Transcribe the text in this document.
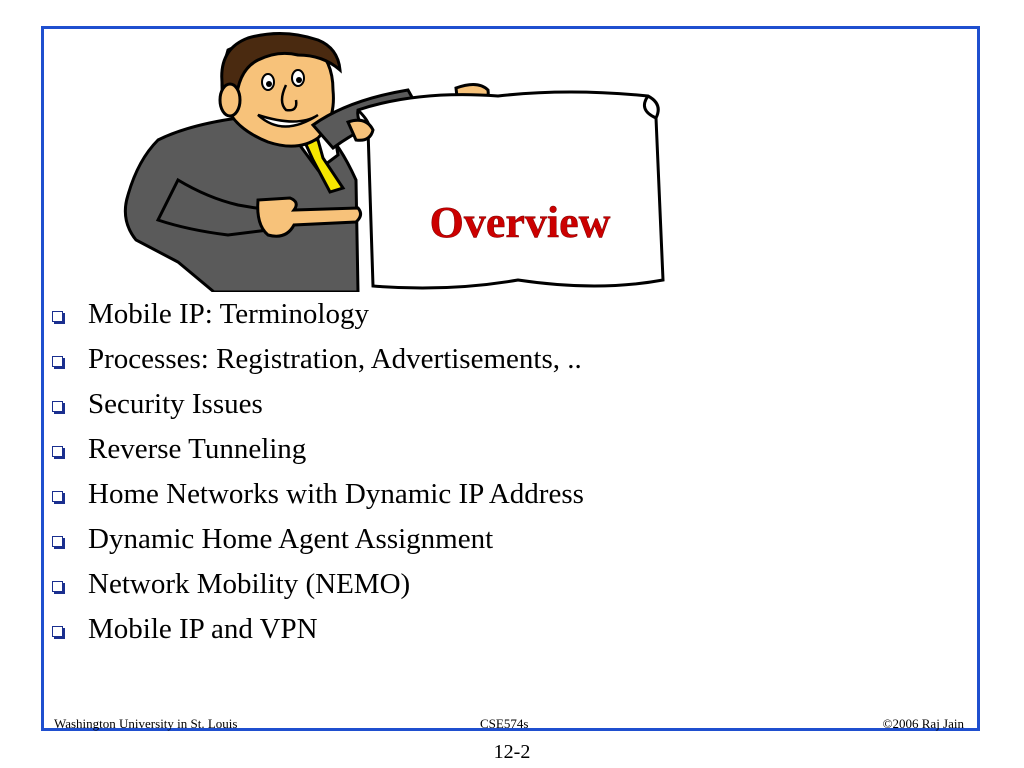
Overview
Mobile IP: Terminology
Processes: Registration, Advertisements, ..
Security Issues
Reverse Tunneling
Home Networks with Dynamic IP Address
Dynamic Home Agent Assignment
Network Mobility (NEMO)
Mobile IP and VPN
Washington University in St. Louis	CSE574s	©2006 Raj Jain
12-2
